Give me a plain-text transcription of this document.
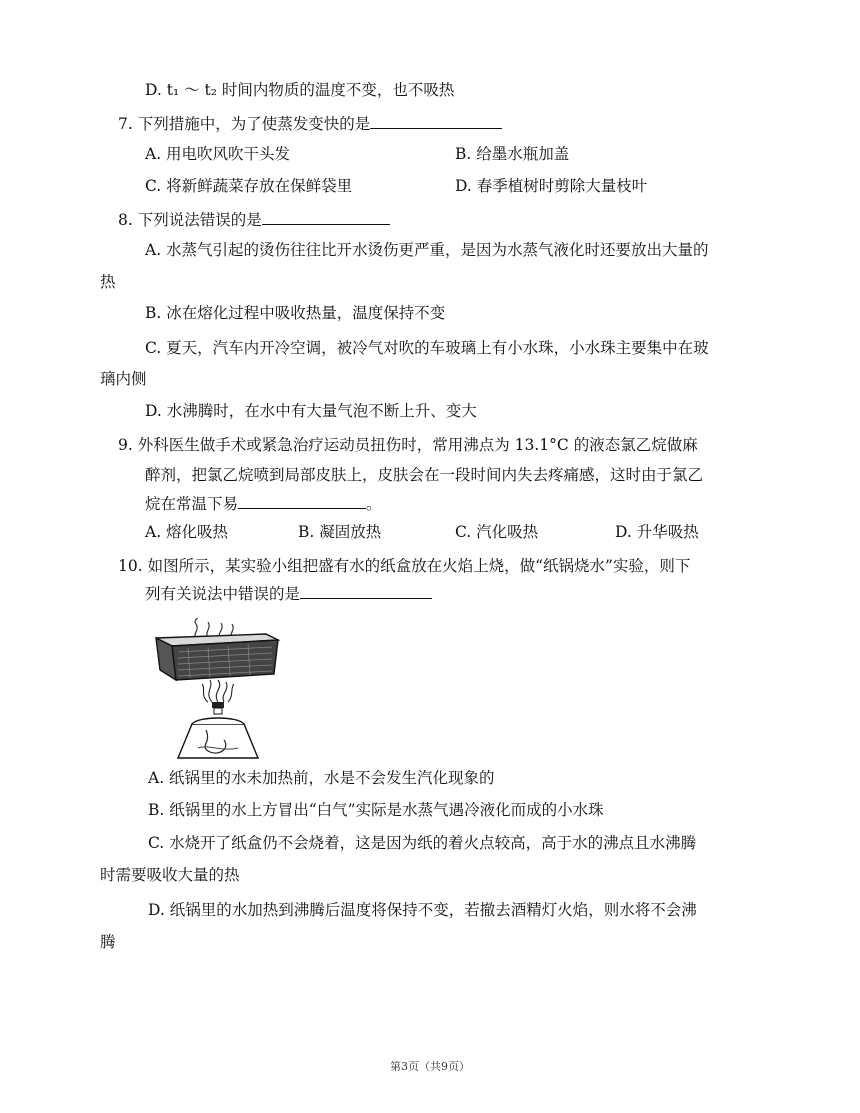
D. t₁ ～ t₂ 时间内物质的温度不变，也不吸热
7. 下列措施中，为了使蒸发变快的是
A. 用电吹风吹干头发	B. 给墨水瓶加盖
C. 将新鲜蔬菜存放在保鲜袋里	D. 春季植树时剪除大量枝叶
8. 下列说法错误的是
A. 水蒸气引起的烫伤往往比开水烫伤更严重，是因为水蒸气液化时还要放出大量的
热
B. 冰在熔化过程中吸收热量，温度保持不变
C. 夏天，汽车内开冷空调，被冷气对吹的车玻璃上有小水珠，小水珠主要集中在玻
璃内侧
D. 水沸腾时，在水中有大量气泡不断上升、变大
9. 外科医生做手术或紧急治疗运动员扭伤时，常用沸点为 13.1°C 的液态氯乙烷做麻
醉剂，把氯乙烷喷到局部皮肤上，皮肤会在一段时间内失去疼痛感，这时由于氯乙
烷在常温下易	。
A. 熔化吸热	B. 凝固放热	C. 汽化吸热	D. 升华吸热
10. 如图所示，某实验小组把盛有水的纸盒放在火焰上烧，做“纸锅烧水”实验，则下
列有关说法中错误的是
A. 纸锅里的水未加热前，水是不会发生汽化现象的
B. 纸锅里的水上方冒出“白气”实际是水蒸气遇冷液化而成的小水珠
C. 水烧开了纸盒仍不会烧着，这是因为纸的着火点较高，高于水的沸点且水沸腾
时需要吸收大量的热
D. 纸锅里的水加热到沸腾后温度将保持不变，若撤去酒精灯火焰，则水将不会沸
腾
第3页（共9页）
